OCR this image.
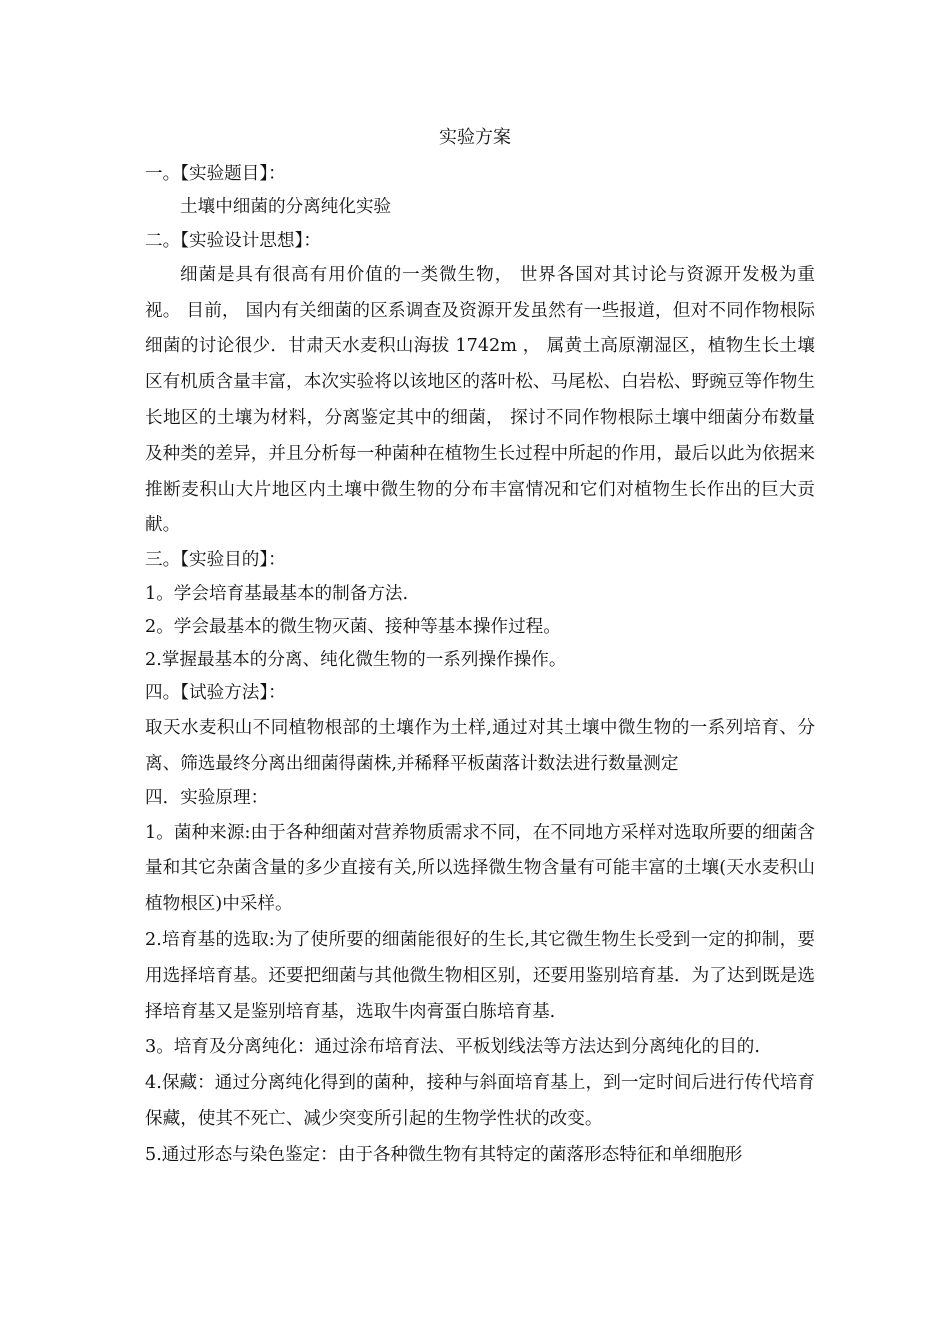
实验方案
一。【实验题目】：
土壤中细菌的分离纯化实验
二。【实验设计思想】：
细菌是具有很高有用价值的一类微生物， 世界各国对其讨论与资源开发极为重视。 目前， 国内有关细菌的区系调查及资源开发虽然有一些报道，但对不同作物根际细菌的讨论很少．甘肃天水麦积山海拔 1742m ， 属黄土高原潮湿区，植物生长土壤区有机质含量丰富，本次实验将以该地区的落叶松、马尾松、白岩松、野豌豆等作物生长地区的土壤为材料，分离鉴定其中的细菌， 探讨不同作物根际土壤中细菌分布数量及种类的差异，并且分析每一种菌种在植物生长过程中所起的作用，最后以此为依据来推断麦积山大片地区内土壤中微生物的分布丰富情况和它们对植物生长作出的巨大贡献。
三。【实验目的】：
1。学会培育基最基本的制备方法.
2。学会最基本的微生物灭菌、接种等基本操作过程。
2.掌握最基本的分离、纯化微生物的一系列操作操作。
四。【试验方法】：
取天水麦积山不同植物根部的土壤作为土样,通过对其土壤中微生物的一系列培育、分离、筛选最终分离出细菌得菌株,并稀释平板菌落计数法进行数量测定
四．实验原理：
1。菌种来源:由于各种细菌对营养物质需求不同，在不同地方采样对选取所要的细菌含量和其它杂菌含量的多少直接有关,所以选择微生物含量有可能丰富的土壤(天水麦积山植物根区)中采样。
2.培育基的选取:为了使所要的细菌能很好的生长,其它微生物生长受到一定的抑制，要用选择培育基。还要把细菌与其他微生物相区别，还要用鉴别培育基．为了达到既是选择培育基又是鉴别培育基，选取牛肉膏蛋白胨培育基.
3。培育及分离纯化：通过涂布培育法、平板划线法等方法达到分离纯化的目的.
4.保藏：通过分离纯化得到的菌种，接种与斜面培育基上，到一定时间后进行传代培育保藏，使其不死亡、减少突变所引起的生物学性状的改变。
5.通过形态与染色鉴定：由于各种微生物有其特定的菌落形态特征和单细胞形
